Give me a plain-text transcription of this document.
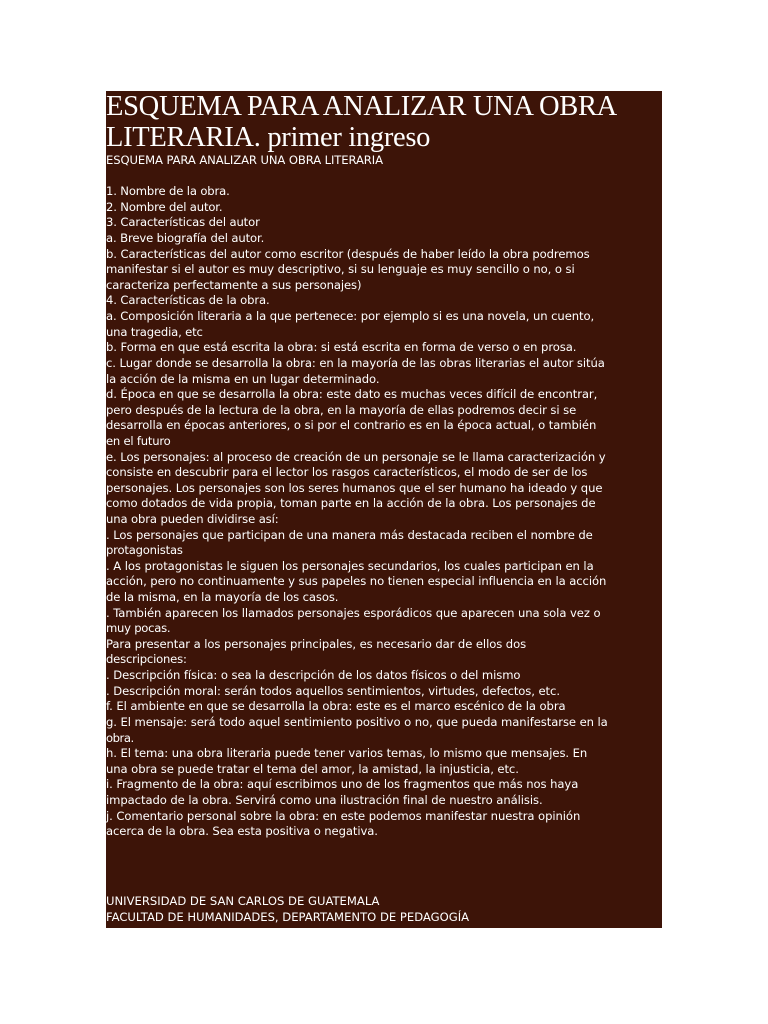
ESQUEMA PARA ANALIZAR UNA OBRA
LITERARIA. primer ingreso
ESQUEMA PARA ANALIZAR UNA OBRA LITERARIA
1. Nombre de la obra.
2. Nombre del autor.
3. Características del autor
a. Breve biografía del autor.
b. Características del autor como escritor (después de haber leído la obra podremos
manifestar si el autor es muy descriptivo, si su lenguaje es muy sencillo o no, o si
caracteriza perfectamente a sus personajes)
4. Características de la obra.
a. Composición literaria a la que pertenece: por ejemplo si es una novela, un cuento,
una tragedia, etc
b. Forma en que está escrita la obra: si está escrita en forma de verso o en prosa.
c. Lugar donde se desarrolla la obra: en la mayoría de las obras literarias el autor sitúa
la acción de la misma en un lugar determinado.
d. Época en que se desarrolla la obra: este dato es muchas veces difícil de encontrar,
pero después de la lectura de la obra, en la mayoría de ellas podremos decir si se
desarrolla en épocas anteriores, o si por el contrario es en la época actual, o también
en el futuro
e. Los personajes: al proceso de creación de un personaje se le llama caracterización y
consiste en descubrir para el lector los rasgos característicos, el modo de ser de los
personajes. Los personajes son los seres humanos que el ser humano ha ideado y que
como dotados de vida propia, toman parte en la acción de la obra. Los personajes de
una obra pueden dividirse así:
. Los personajes que participan de una manera más destacada reciben el nombre de
protagonistas
. A los protagonistas le siguen los personajes secundarios, los cuales participan en la
acción, pero no continuamente y sus papeles no tienen especial influencia en la acción
de la misma, en la mayoría de los casos.
. También aparecen los llamados personajes esporádicos que aparecen una sola vez o
muy pocas.
Para presentar a los personajes principales, es necesario dar de ellos dos
descripciones:
. Descripción física: o sea la descripción de los datos físicos o del mismo
. Descripción moral: serán todos aquellos sentimientos, virtudes, defectos, etc.
f. El ambiente en que se desarrolla la obra: este es el marco escénico de la obra
g. El mensaje: será todo aquel sentimiento positivo o no, que pueda manifestarse en la
obra.
h. El tema: una obra literaria puede tener varios temas, lo mismo que mensajes. En
una obra se puede tratar el tema del amor, la amistad, la injusticia, etc.
i. Fragmento de la obra: aquí escribimos uno de los fragmentos que más nos haya
impactado de la obra. Servirá como una ilustración final de nuestro análisis.
j. Comentario personal sobre la obra: en este podemos manifestar nuestra opinión
acerca de la obra. Sea esta positiva o negativa.
UNIVERSIDAD DE SAN CARLOS DE GUATEMALA
FACULTAD DE HUMANIDADES, DEPARTAMENTO DE PEDAGOGÍA
